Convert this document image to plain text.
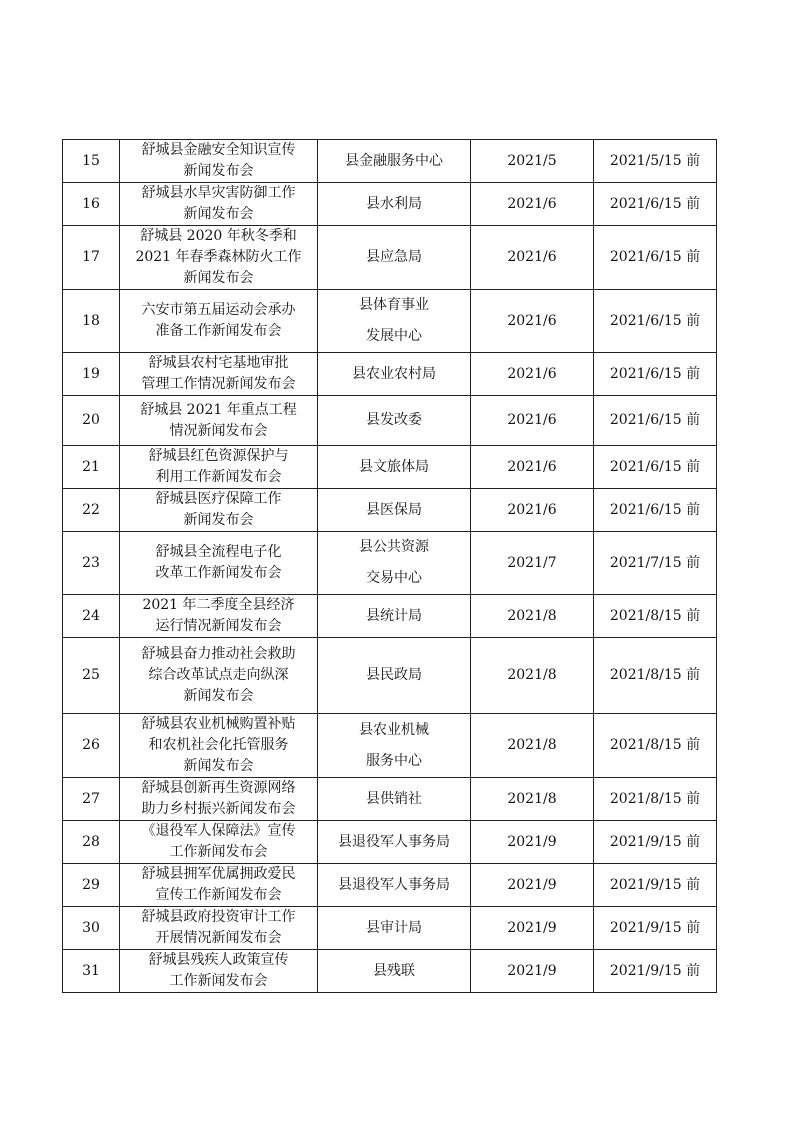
15	舒城县金融安全知识宣传
新闻发布会	县金融服务中心	2021/5	2021/5/15 前
16	舒城县水旱灾害防御工作
新闻发布会	县水利局	2021/6	2021/6/15 前
17	舒城县 2020 年秋冬季和
2021 年春季森林防火工作
新闻发布会	县应急局	2021/6	2021/6/15 前
18	六安市第五届运动会承办
准备工作新闻发布会	县体育事业
发展中心	2021/6	2021/6/15 前
19	舒城县农村宅基地审批
管理工作情况新闻发布会	县农业农村局	2021/6	2021/6/15 前
20	舒城县 2021 年重点工程
情况新闻发布会	县发改委	2021/6	2021/6/15 前
21	舒城县红色资源保护与
利用工作新闻发布会	县文旅体局	2021/6	2021/6/15 前
22	舒城县医疗保障工作
新闻发布会	县医保局	2021/6	2021/6/15 前
23	舒城县全流程电子化
改革工作新闻发布会	县公共资源
交易中心	2021/7	2021/7/15 前
24	2021 年二季度全县经济
运行情况新闻发布会	县统计局	2021/8	2021/8/15 前
25	舒城县奋力推动社会救助
综合改革试点走向纵深
新闻发布会	县民政局	2021/8	2021/8/15 前
26	舒城县农业机械购置补贴
和农机社会化托管服务
新闻发布会	县农业机械
服务中心	2021/8	2021/8/15 前
27	舒城县创新再生资源网络
助力乡村振兴新闻发布会	县供销社	2021/8	2021/8/15 前
28	《退役军人保障法》宣传
工作新闻发布会	县退役军人事务局	2021/9	2021/9/15 前
29	舒城县拥军优属拥政爱民
宣传工作新闻发布会	县退役军人事务局	2021/9	2021/9/15 前
30	舒城县政府投资审计工作
开展情况新闻发布会	县审计局	2021/9	2021/9/15 前
31	舒城县残疾人政策宣传
工作新闻发布会	县残联	2021/9	2021/9/15 前
